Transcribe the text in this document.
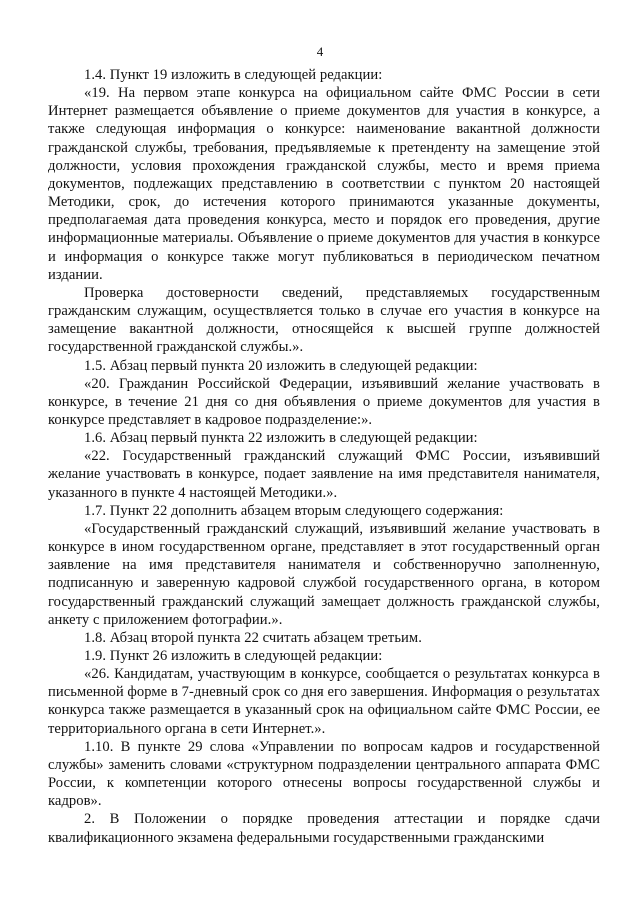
4

1.4. Пункт 19 изложить в следующей редакции:

«19. На первом этапе конкурса на официальном сайте ФМС России в сети Интернет размещается объявление о приеме документов для участия в конкурсе, а также следующая информация о конкурсе: наименование вакантной должности гражданской службы, требования, предъявляемые к претенденту на замещение этой должности, условия прохождения гражданской службы, место и время приема документов, подлежащих представлению в соответствии с пунктом 20 настоящей Методики, срок, до истечения которого принимаются указанные документы, предполагаемая дата проведения конкурса, место и порядок его проведения, другие информационные материалы. Объявление о приеме документов для участия в конкурсе и информация о конкурсе также могут публиковаться в периодическом печатном издании.

Проверка достоверности сведений, представляемых государственным гражданским служащим, осуществляется только в случае его участия в конкурсе на замещение вакантной должности, относящейся к высшей группе должностей государственной гражданской службы.».

1.5. Абзац первый пункта 20 изложить в следующей редакции:

«20. Гражданин Российской Федерации, изъявивший желание участвовать в конкурсе, в течение 21 дня со дня объявления о приеме документов для участия в конкурсе представляет в кадровое подразделение:».

1.6. Абзац первый пункта 22 изложить в следующей редакции:

«22. Государственный гражданский служащий ФМС России, изъявивший желание участвовать в конкурсе, подает заявление на имя представителя нанимателя, указанного в пункте 4 настоящей Методики.».

1.7. Пункт 22 дополнить абзацем вторым следующего содержания:

«Государственный гражданский служащий, изъявивший желание участвовать в конкурсе в ином государственном органе, представляет в этот государственный орган заявление на имя представителя нанимателя и собственноручно заполненную, подписанную и заверенную кадровой службой государственного органа, в котором государственный гражданский служащий замещает должность гражданской службы, анкету с приложением фотографии.».

1.8. Абзац второй пункта 22 считать абзацем третьим.

1.9. Пункт 26 изложить в следующей редакции:

«26. Кандидатам, участвующим в конкурсе, сообщается о результатах конкурса в письменной форме в 7-дневный срок со дня его завершения. Информация о результатах конкурса также размещается в указанный срок на официальном сайте ФМС России, ее территориального органа в сети Интернет.».

1.10. В пункте 29 слова «Управлении по вопросам кадров и государственной службы» заменить словами «структурном подразделении центрального аппарата ФМС России, к компетенции которого отнесены вопросы государственной службы и кадров».

2. В Положении о порядке проведения аттестации и порядке сдачи квалификационного экзамена федеральными государственными гражданскими
